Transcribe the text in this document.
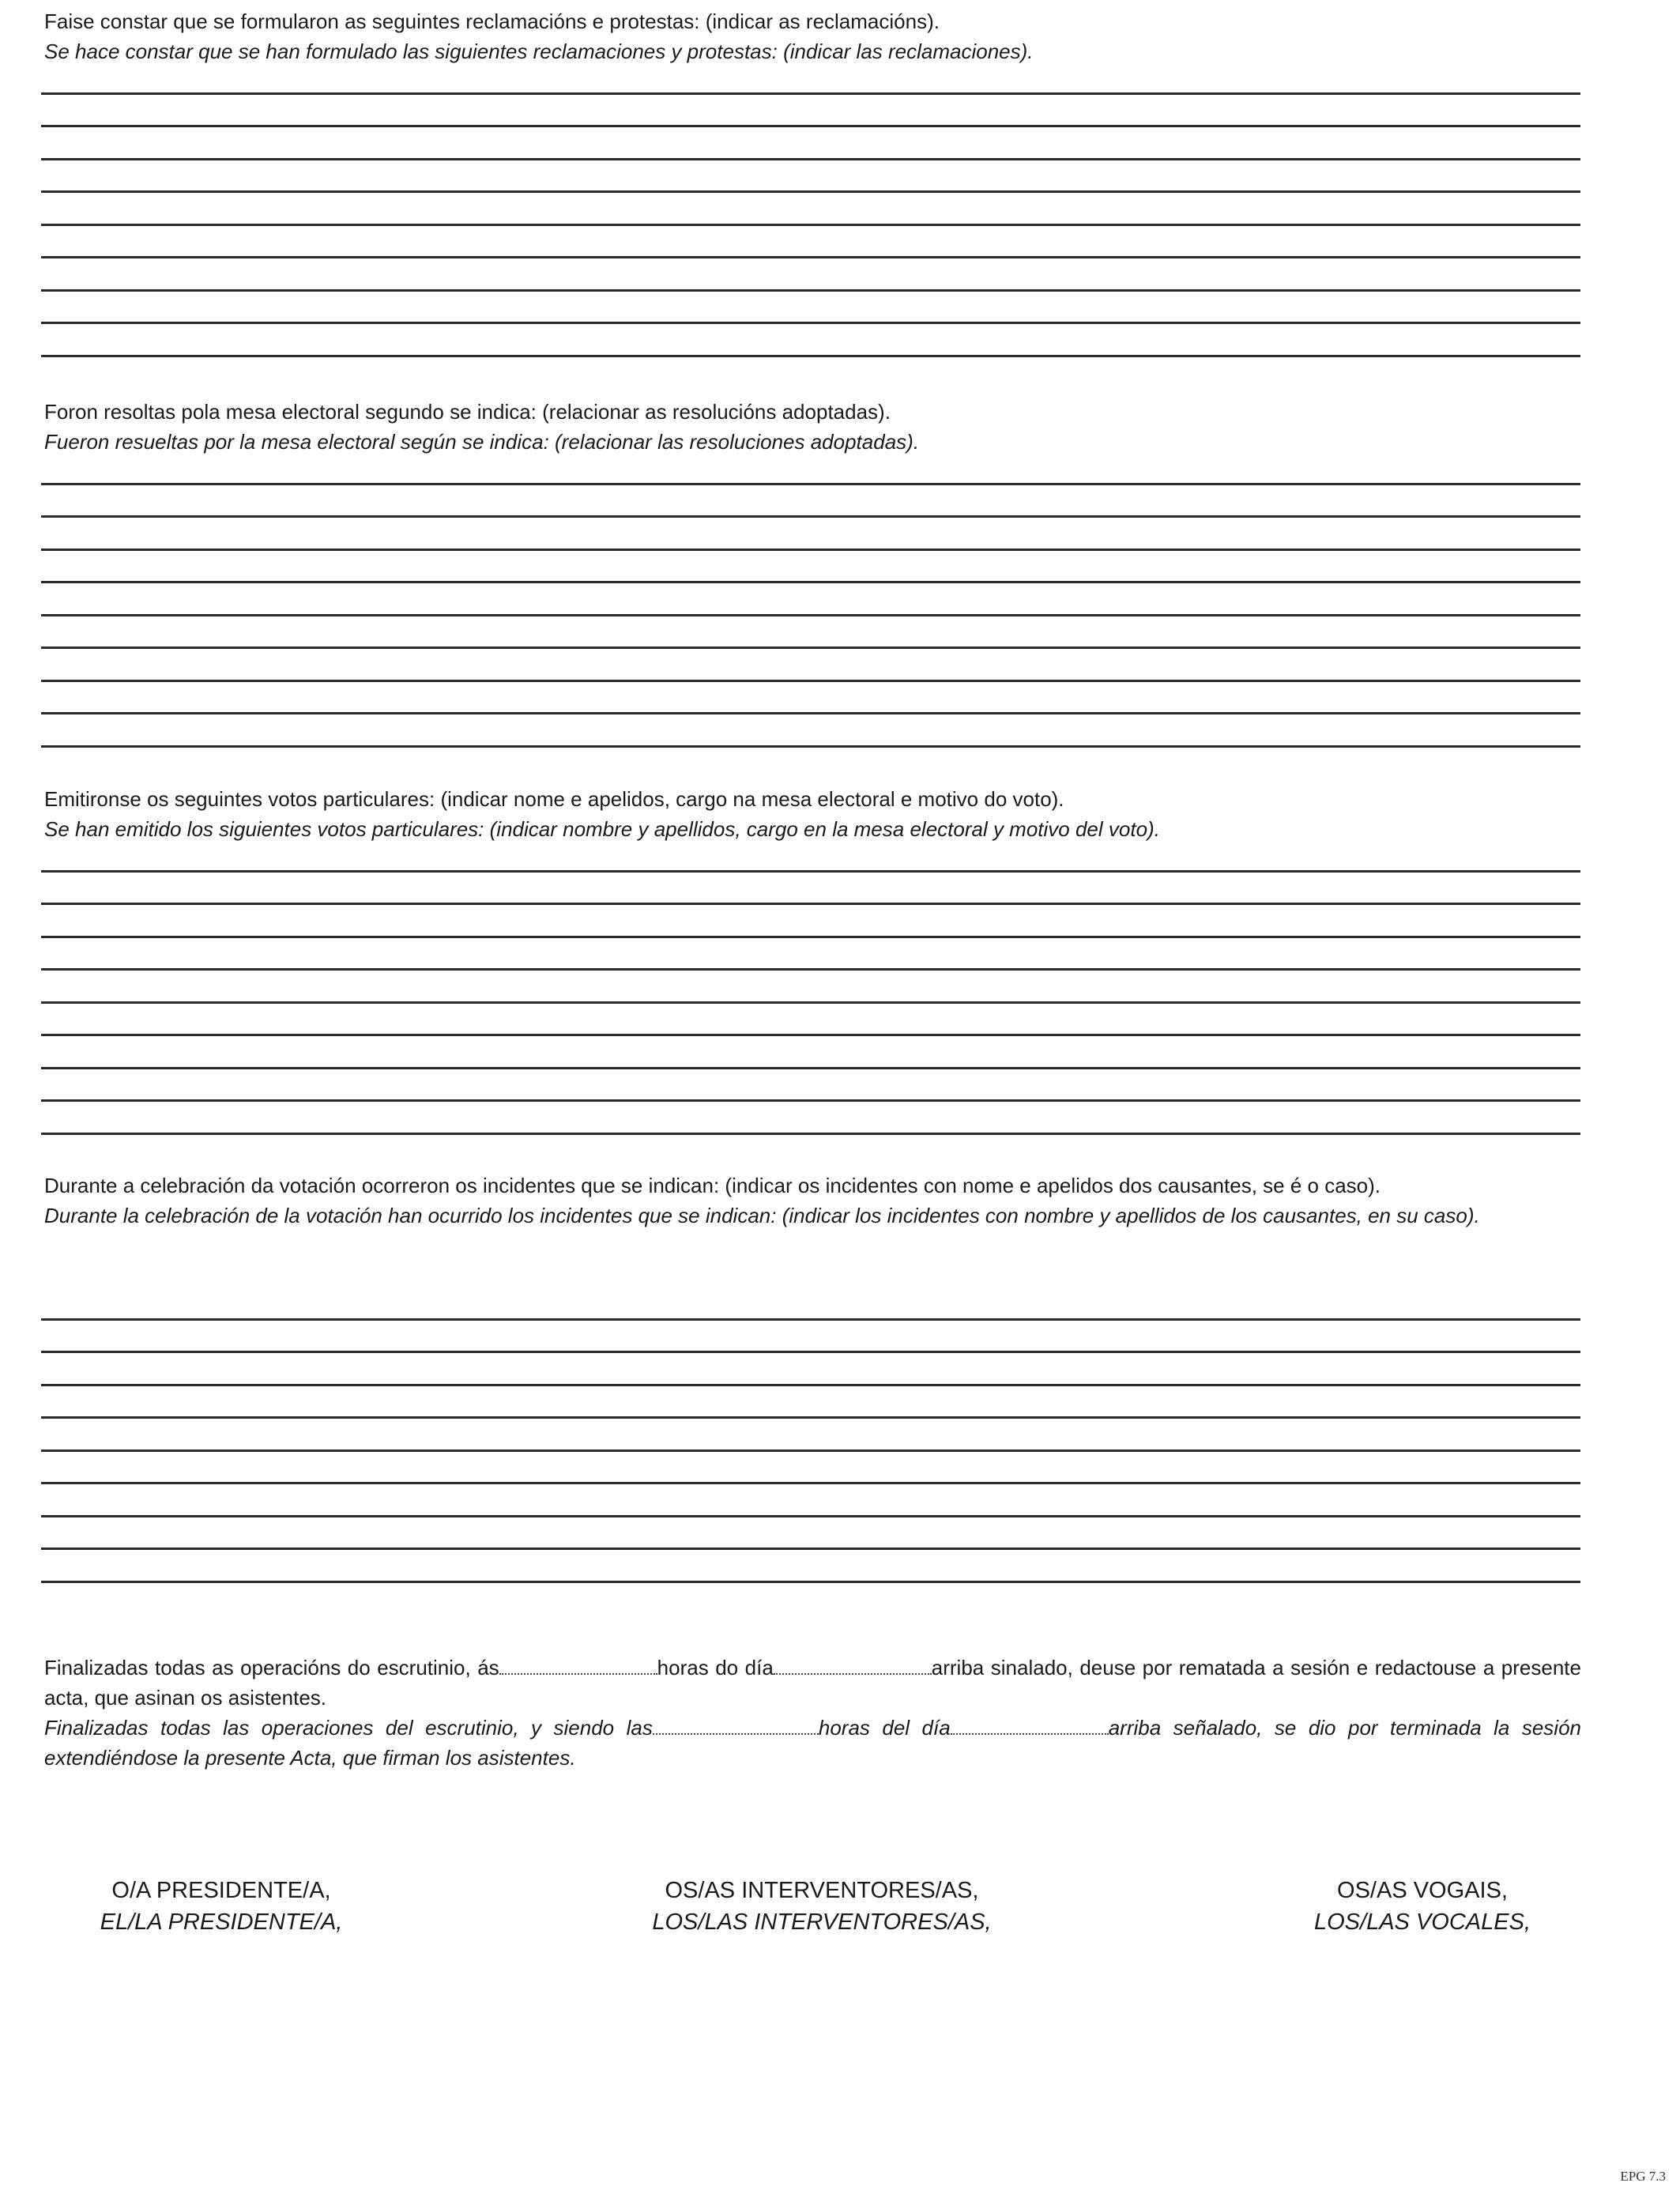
Faise constar que se formularon as seguintes reclamacións e protestas: (indicar as reclamacións).

Se hace constar que se han formulado las siguientes reclamaciones y protestas: (indicar las reclamaciones).

Foron resoltas pola mesa electoral segundo se indica: (relacionar as resolucións adoptadas).

Fueron resueltas por la mesa electoral según se indica: (relacionar las resoluciones adoptadas).

Emitironse os seguintes votos particulares: (indicar nome e apelidos, cargo na mesa electoral e motivo do voto).

Se han emitido los siguientes votos particulares: (indicar nombre y apellidos, cargo en la mesa electoral y motivo del voto).

Durante a celebración da votación ocorreron os incidentes que se indican: (indicar os incidentes con nome e apelidos dos causantes, se é o caso).

Durante la celebración de la votación han ocurrido los incidentes que se indican: (indicar los incidentes con nombre y apellidos de los causantes, en su caso).

Finalizadas todas as operacións do escrutinio, ás	horas do día	arriba sinalado, deuse por rematada a sesión e redactouse a presente acta, que asinan os asistentes.

Finalizadas todas las operaciones del escrutinio, y siendo las	horas del día	arriba señalado, se dio por terminada la sesión extendiéndose la presente Acta, que firman los asistentes.

O/A PRESIDENTE/A,
EL/LA PRESIDENTE/A,
OS/AS INTERVENTORES/AS,
LOS/LAS INTERVENTORES/AS,
OS/AS VOGAIS,
LOS/LAS VOCALES,
EPG 7.3
